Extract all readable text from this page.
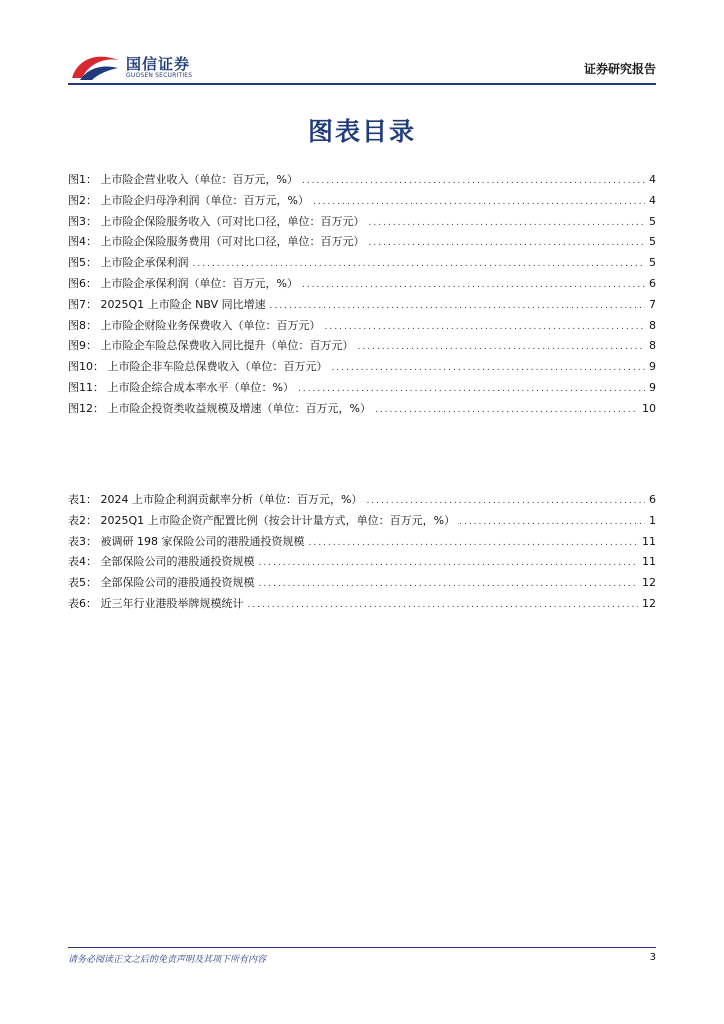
国信证券
GUOSEN SECURITIES	证券研究报告
图表目录
图1： 上市险企营业收入（单位：百万元，%） .....	4
图2： 上市险企归母净利润（单位：百万元，%） .....	4
图3： 上市险企保险服务收入（可对比口径，单位：百万元） .....	5
图4： 上市险企保险服务费用（可对比口径，单位：百万元） .....	5
图5： 上市险企承保利润 .....	5
图6： 上市险企承保利润（单位：百万元，%） .....	6
图7： 2025Q1 上市险企 NBV 同比增速 .....	7
图8： 上市险企财险业务保费收入（单位：百万元） .....	8
图9： 上市险企车险总保费收入同比提升（单位：百万元） .....	8
图10： 上市险企非车险总保费收入（单位：百万元） .....	9
图11： 上市险企综合成本率水平（单位：%） .....	9
图12： 上市险企投资类收益规模及增速（单位：百万元，%） .....	10
表1： 2024 上市险企利润贡献率分析（单位：百万元，%） .....	6
表2： 2025Q1 上市险企资产配置比例（按会计计量方式，单位：百万元，%） .....	1
表3： 被调研 198 家保险公司的港股通投资规模 .....	11
表4： 全部保险公司的港股通投资规模 .....	11
表5： 全部保险公司的港股通投资规模 .....	12
表6： 近三年行业港股举牌规模统计 .....	12
请务必阅读正文之后的免责声明及其项下所有内容	3
